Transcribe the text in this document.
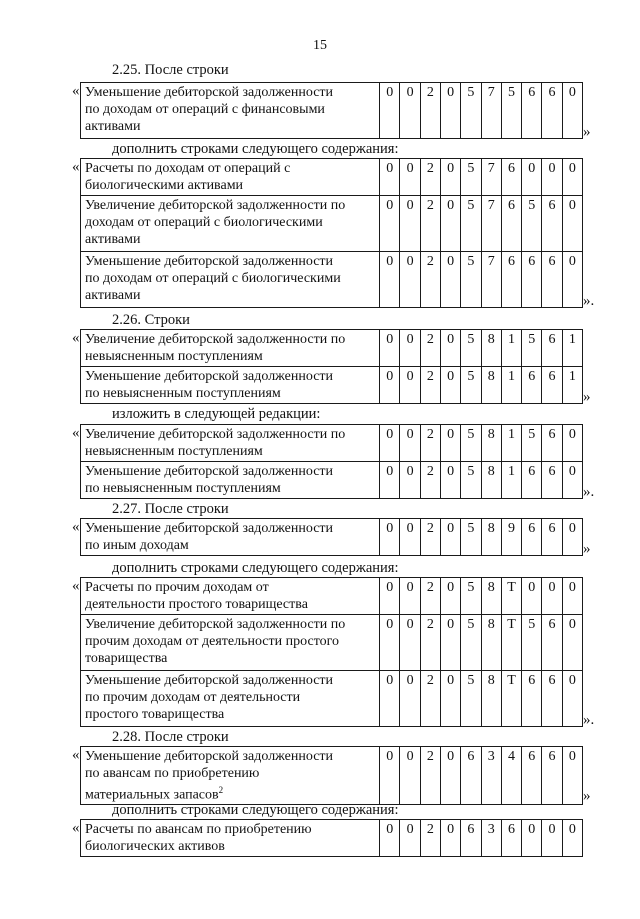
15
2.25. После строки
« Уменьшение дебиторской задолженности
по доходам от операций с финансовыми
активами	0	0	2	0	5	7	5	6	6	0
»
дополнить строками следующего содержания:
« Расчеты по доходам от операций с
биологическими активами	0	0	2	0	5	7	6	0	0	0
Увеличение дебиторской задолженности по
доходам от операций с биологическими
активами	0	0	2	0	5	7	6	5	6	0
Уменьшение дебиторской задолженности
по доходам от операций с биологическими
активами	0	0	2	0	5	7	6	6	6	0
».
2.26. Строки
« Увеличение дебиторской задолженности по
невыясненным поступлениям	0	0	2	0	5	8	1	5	6	1
Уменьшение дебиторской задолженности
по невыясненным поступлениям	0	0	2	0	5	8	1	6	6	1
»
изложить в следующей редакции:
« Увеличение дебиторской задолженности по
невыясненным поступлениям	0	0	2	0	5	8	1	5	6	0
Уменьшение дебиторской задолженности
по невыясненным поступлениям	0	0	2	0	5	8	1	6	6	0
».
2.27. После строки
« Уменьшение дебиторской задолженности
по иным доходам	0	0	2	0	5	8	9	6	6	0
»
дополнить строками следующего содержания:
« Расчеты по прочим доходам от
деятельности простого товарищества	0	0	2	0	5	8	Т	0	0	0
Увеличение дебиторской задолженности по
прочим доходам от деятельности простого
товарищества	0	0	2	0	5	8	Т	5	6	0
Уменьшение дебиторской задолженности
по прочим доходам от деятельности
простого товарищества	0	0	2	0	5	8	Т	6	6	0
».
2.28. После строки
« Уменьшение дебиторской задолженности
по авансам по приобретению
материальных запасов$^2$	0	0	2	0	6	3	4	6	6	0
»
дополнить строками следующего содержания:
« Расчеты по авансам по приобретению
биологических активов	0	0	2	0	6	3	6	0	0	0
